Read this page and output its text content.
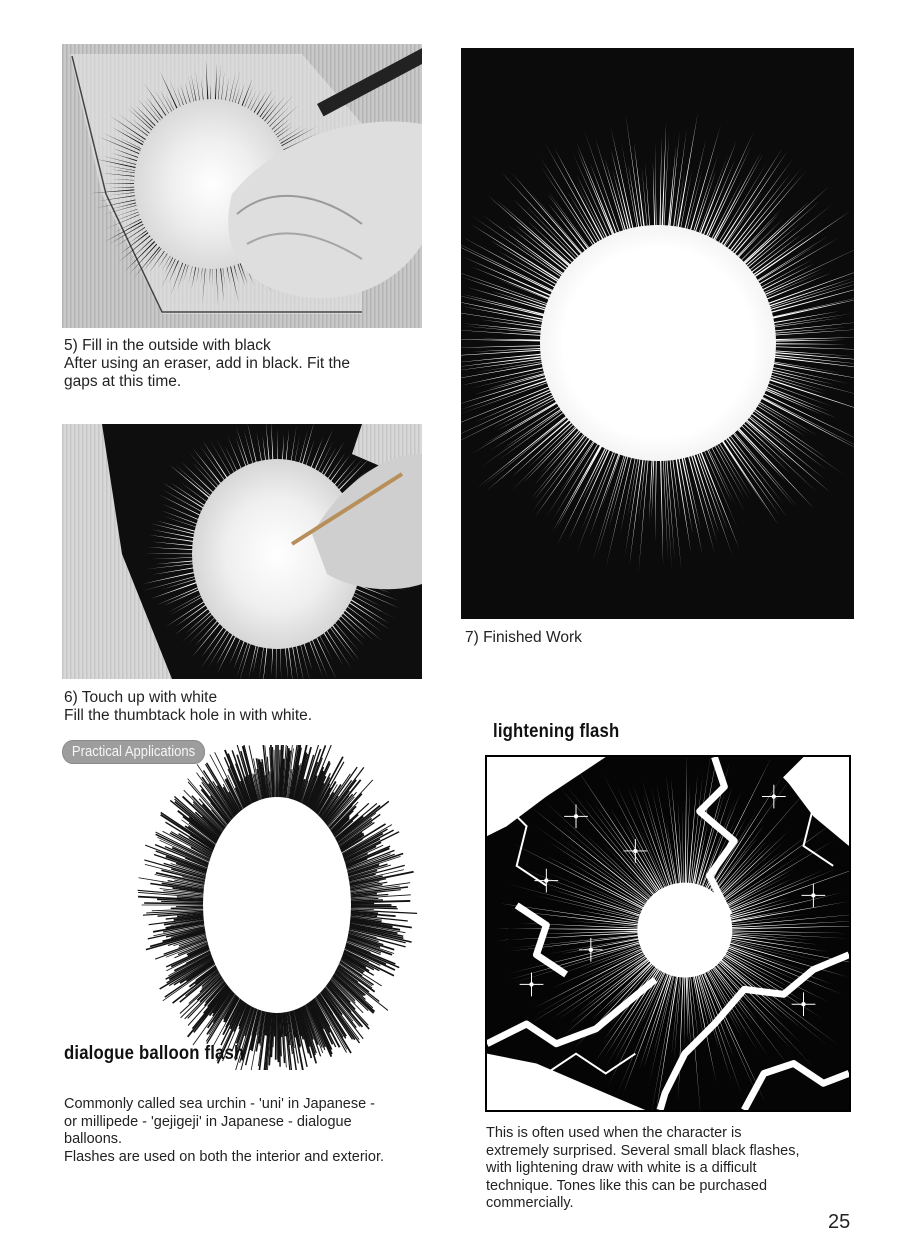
5) Fill in the outside with black
After using an eraser, add in black. Fit the
gaps at this time.
6) Touch up with white
Fill the thumbtack hole in with white.
7) Finished Work
Practical Applications
dialogue balloon flash
Commonly called sea urchin - 'uni' in Japanese -
or millipede - 'gejigeji' in Japanese - dialogue
balloons.
Flashes are used on both the interior and exterior.
lightening flash
This is often used when the character is
extremely surprised. Several small black flashes,
with lightening draw with white is a difficult
technique. Tones like this can be purchased
commercially.
25
